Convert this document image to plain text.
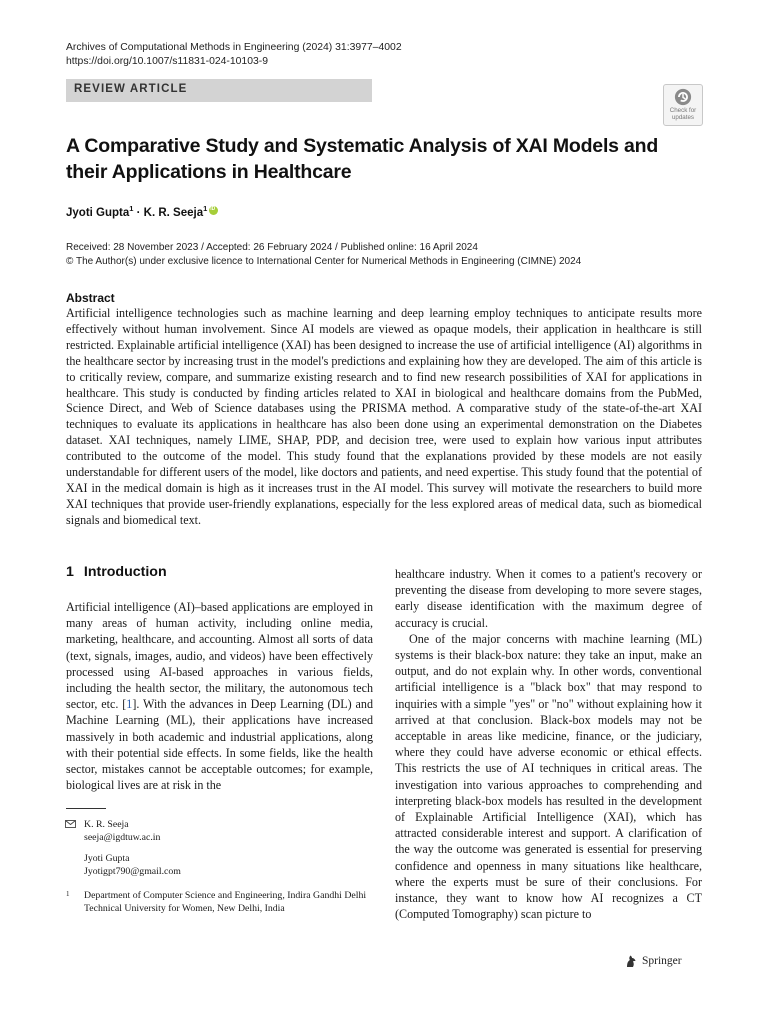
Archives of Computational Methods in Engineering (2024) 31:3977–4002
https://doi.org/10.1007/s11831-024-10103-9
REVIEW ARTICLE
Check for
updates
A Comparative Study and Systematic Analysis of XAI Models and their Applications in Healthcare
Jyoti Gupta$^1$ · K. R. Seeja$^1$iD
Received: 28 November 2023 / Accepted: 26 February 2024 / Published online: 16 April 2024
© The Author(s) under exclusive licence to International Center for Numerical Methods in Engineering (CIMNE) 2024
Abstract
Artificial intelligence technologies such as machine learning and deep learning employ techniques to anticipate results more effectively without human involvement. Since AI models are viewed as opaque models, their application in healthcare is still restricted. Explainable artificial intelligence (XAI) has been designed to increase the use of artificial intelligence (AI) algorithms in the healthcare sector by increasing trust in the model's predictions and explaining how they are developed. The aim of this article is to critically review, compare, and summarize existing research and to find new research possibilities of XAI for applications in healthcare. This study is conducted by finding articles related to XAI in biological and healthcare domains from the PubMed, Science Direct, and Web of Science databases using the PRISMA method. A comparative study of the state-of-the-art XAI techniques to evaluate its applications in healthcare has also been done using an experimental demonstration on the Diabetes dataset. XAI techniques, namely LIME, SHAP, PDP, and decision tree, were used to explain how various input attributes contributed to the outcome of the model. This study found that the explanations provided by these models are not easily understandable for different users of the model, like doctors and patients, and need expertise. This study found that the potential of XAI in the medical domain is high as it increases trust in the AI model. This survey will motivate the researchers to build more XAI techniques that provide user-friendly explanations, especially for the less explored areas of medical data, such as biomedical signals and biomedical text.
1 Introduction

Artificial intelligence (AI)–based applications are employed in many areas of human activity, including online media, marketing, healthcare, and accounting. Almost all sorts of data (text, signals, images, audio, and videos) have been effectively processed using AI-based approaches in various fields, including the health sector, the military, the autonomous tech sector, etc. [1]. With the advances in Deep Learning (DL) and Machine Learning (ML), their applications have increased massively in both academic and industrial applications, along with their potential side effects. In some fields, like the health sector, mistakes cannot be acceptable outcomes; for example, biological lives are at risk in the

healthcare industry. When it comes to a patient's recovery or preventing the disease from developing to more severe stages, early disease identification with the maximum degree of accuracy is crucial.

One of the major concerns with machine learning (ML) systems is their black-box nature: they take an input, make an output, and do not explain why. In other words, conventional artificial intelligence is a "black box" that may respond to inquiries with a simple "yes" or "no" without explaining how it arrived at that conclusion. Black-box models may not be acceptable in areas like medicine, finance, or the judiciary, where they could have adverse economic or ethical effects. This restricts the use of AI techniques in critical areas. The investigation into various approaches to comprehending and interpreting black-box models has resulted in the development of Explainable Artificial Intelligence (XAI), which has attracted considerable interest and support. A clarification of the way the outcome was generated is essential for preserving confidence and openness in many situations like healthcare, where the experts must be sure of their conclusions. For instance, they want to know how AI recognizes a CT (Computed Tomography) scan picture to

K. R. Seeja
seeja@igdtuw.ac.in
Jyoti Gupta
Jyotigpt790@gmail.com
1 Department of Computer Science and Engineering, Indira Gandhi Delhi Technical University for Women, New Delhi, India
Springer
